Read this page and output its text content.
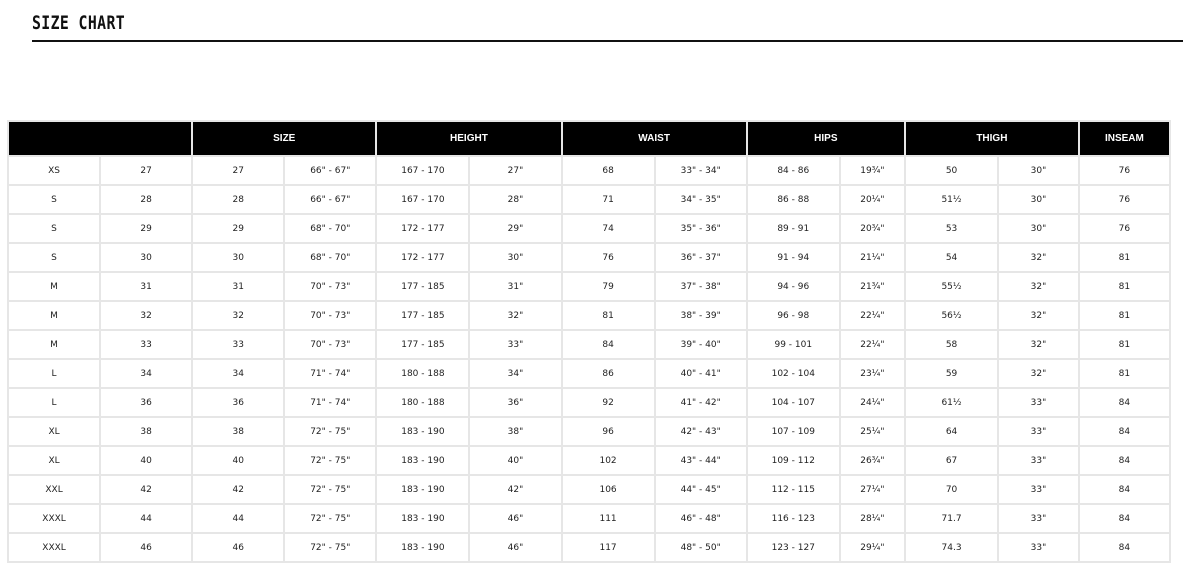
SIZE CHART
		SIZE		HEIGHT		WAIST		HIPS		THIGH		INSEAM
XS	27	27	66" - 67"	167 - 170	27"	68	33" - 34"	84 - 86	19¾"	50	30"	76
S	28	28	66" - 67"	167 - 170	28"	71	34" - 35"	86 - 88	20¼"	51½	30"	76
S	29	29	68" - 70"	172 - 177	29"	74	35" - 36"	89 - 91	20¾"	53	30"	76
S	30	30	68" - 70"	172 - 177	30"	76	36" - 37"	91 - 94	21¼"	54	32"	81
M	31	31	70" - 73"	177 - 185	31"	79	37" - 38"	94 - 96	21¾"	55½	32"	81
M	32	32	70" - 73"	177 - 185	32"	81	38" - 39"	96 - 98	22¼"	56½	32"	81
M	33	33	70" - 73"	177 - 185	33"	84	39" - 40"	99 - 101	22¼"	58	32"	81
L	34	34	71" - 74"	180 - 188	34"	86	40" - 41"	102 - 104	23¼"	59	32"	81
L	36	36	71" - 74"	180 - 188	36"	92	41" - 42"	104 - 107	24¼"	61½	33"	84
XL	38	38	72" - 75"	183 - 190	38"	96	42" - 43"	107 - 109	25¼"	64	33"	84
XL	40	40	72" - 75"	183 - 190	40"	102	43" - 44"	109 - 112	26¾"	67	33"	84
XXL	42	42	72" - 75"	183 - 190	42"	106	44" - 45"	112 - 115	27¼"	70	33"	84
XXXL	44	44	72" - 75"	183 - 190	46"	111	46" - 48"	116 - 123	28¼"	71.7	33"	84
XXXL	46	46	72" - 75"	183 - 190	46"	117	48" - 50"	123 - 127	29¼"	74.3	33"	84
